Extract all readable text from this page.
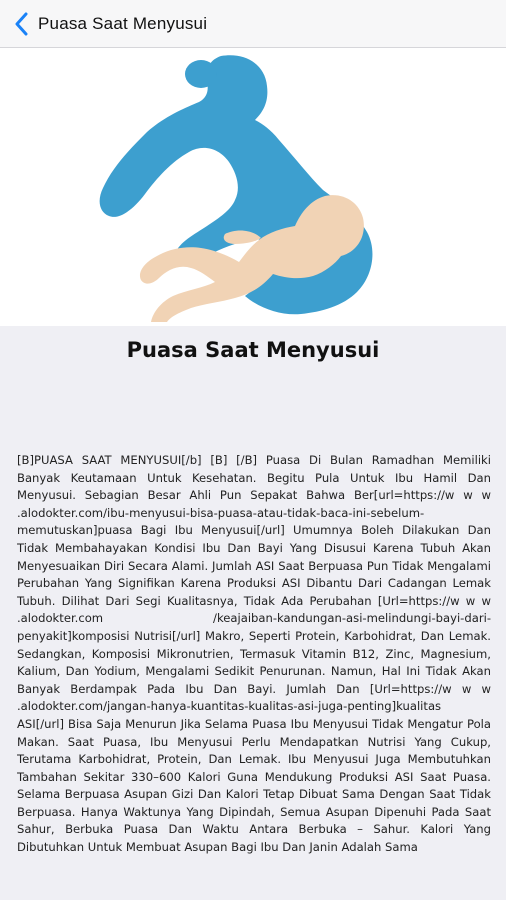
Puasa Saat Menyusui
Puasa Saat Menyusui
[B]PUASA SAAT MENYUSUI[/b] [B] [/B] Puasa Di Bulan Ramadhan Memiliki Banyak Keutamaan Untuk Kesehatan. Begitu Pula Untuk Ibu Hamil Dan Menyusui. Sebagian Besar Ahli Pun Sepakat Bahwa Ber[url=https://w w w .alodokter.com/ibu-menyusui-bisa-puasa-atau-tidak-baca-ini-sebelum-memutuskan]puasa Bagi Ibu Menyusui[/url] Umumnya Boleh Dilakukan Dan Tidak Membahayakan Kondisi Ibu Dan Bayi Yang Disusui Karena Tubuh Akan Menyesuaikan Diri Secara Alami. Jumlah ASI Saat Berpuasa Pun Tidak Mengalami Perubahan Yang Signifikan Karena Produksi ASI Dibantu Dari Cadangan Lemak Tubuh. Dilihat Dari Segi Kualitasnya, Tidak Ada Perubahan [Url=https://w w w .alodokter.com /keajaiban-kandungan-asi-melindungi-bayi-dari-penyakit]komposisi Nutrisi[/url] Makro, Seperti Protein, Karbohidrat, Dan Lemak. Sedangkan, Komposisi Mikronutrien, Termasuk Vitamin B12, Zinc, Magnesium, Kalium, Dan Yodium, Mengalami Sedikit Penurunan. Namun, Hal Ini Tidak Akan Banyak Berdampak Pada Ibu Dan Bayi. Jumlah Dan [Url=https://w w w .alodokter.com/jangan-hanya-kuantitas-kualitas-asi-juga-penting]kualitas ASI[/url] Bisa Saja Menurun Jika Selama Puasa Ibu Menyusui Tidak Mengatur Pola Makan. Saat Puasa, Ibu Menyusui Perlu Mendapatkan Nutrisi Yang Cukup, Terutama Karbohidrat, Protein, Dan Lemak. Ibu Menyusui Juga Membutuhkan Tambahan Sekitar 330–600 Kalori Guna Mendukung Produksi ASI Saat Puasa. Selama Berpuasa Asupan Gizi Dan Kalori Tetap Dibuat Sama Dengan Saat Tidak Berpuasa. Hanya Waktunya Yang Dipindah, Semua Asupan Dipenuhi Pada Saat Sahur, Berbuka Puasa Dan Waktu Antara Berbuka – Sahur. Kalori Yang Dibutuhkan Untuk Membuat Asupan Bagi Ibu Dan Janin Adalah Sama
